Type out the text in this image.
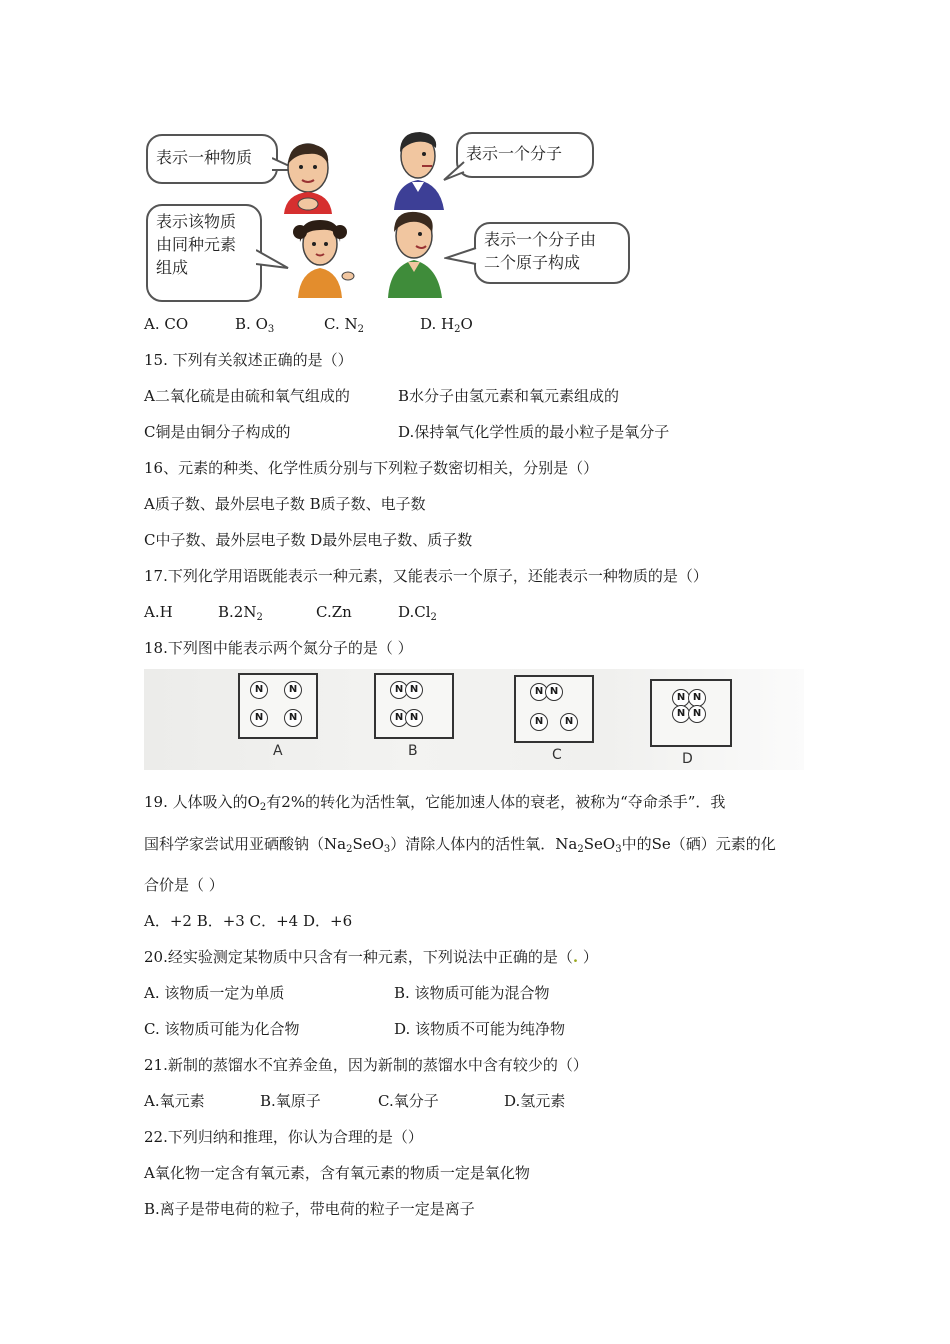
表示一种物质
表示该物质
由同种元素
组成
表示一个分子
表示一个分子由
二个原子构成
A. CO	B. $O_3$	C. $N_2$	D. $H_2O$
15. 下列有关叙述正确的是（）
A二氧化硫是由硫和氧气组成的	B水分子由氢元素和氧元素组成的
C铜是由铜分子构成的	D.保持氧气化学性质的最小粒子是氧分子
16、元素的种类、化学性质分别与下列粒子数密切相关，分别是（）
A质子数、最外层电子数 B质子数、电子数
C中子数、最外层电子数 D最外层电子数、质子数
17.下列化学用语既能表示一种元素，又能表示一个原子，还能表示一种物质的是（）
A.H	$B.2N_2$	C.Zn	$D.Cl_2$
18.下列图中能表示两个氮分子的是（ ）
N	N
N	N
A
N N
N N
B
N N
N	N
C
N N
N N
D
19. 人体吸入的$O_2$有2%的转化为活性氧，它能加速人体的衰老，被称为“夺命杀手”．我
国科学家尝试用亚硒酸钠$(Na_2SeO_3)$清除人体内的活性氧．$Na_2SeO_3$中的Se（硒）元素的化
合价是（ ）
A．+2 B．+3 C．+4 D．+6
20.经实验测定某物质中只含有一种元素，下列说法中正确的是（. ）
A. 该物质一定为单质	B. 该物质可能为混合物
C. 该物质可能为化合物	D. 该物质不可能为纯净物
21.新制的蒸馏水不宜养金鱼，因为新制的蒸馏水中含有较少的（）
A.氧元素	B.氧原子	C.氧分子	D.氢元素
22.下列归纳和推理，你认为合理的是（）
A氧化物一定含有氧元素，含有氧元素的物质一定是氧化物
B.离子是带电荷的粒子，带电荷的粒子一定是离子
